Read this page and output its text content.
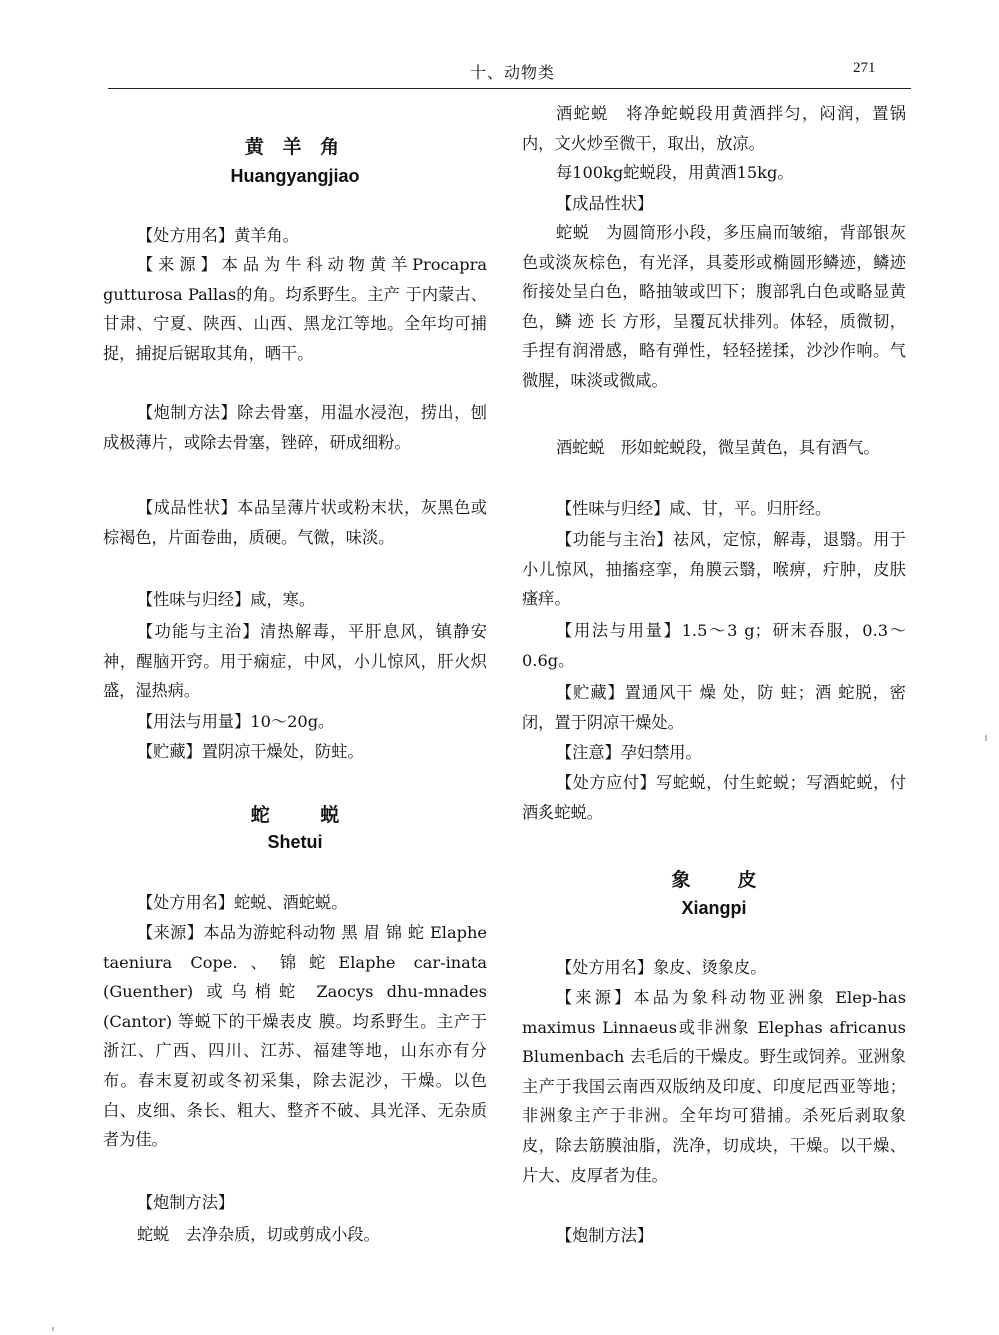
十、动物类	271
黄 羊 角
Huangyangjiao
【处方用名】黄羊角。
【来源】本品为牛科动物黄羊Procapra gutturosa Pallas的角。均系野生。主产 于内蒙古、甘肃、宁夏、陕西、山西、黑龙江等地。全年均可捕捉，捕捉后锯取其角，晒干。
【炮制方法】除去骨塞，用温水浸泡，捞出，刨成极薄片，或除去骨塞，锉碎，研成细粉。
【成品性状】本品呈薄片状或粉末状，灰黑色或棕褐色，片面卷曲，质硬。气微，味淡。
【性味与归经】咸，寒。
【功能与主治】清热解毒，平肝息风，镇静安神，醒脑开窍。用于痫症，中风，小儿惊风，肝火炽盛，湿热病。
【用法与用量】10～20g。
【贮藏】置阴凉干燥处，防蛀。
蛇 蜕
Shetui
【处方用名】蛇蜕、酒蛇蜕。
【来源】本品为游蛇科动物 黑 眉 锦 蛇 Elaphe taeniura Cope.、锦蛇Elaphe car-inata (Guenther) 或乌梢蛇 Zaocys dhu-mnades (Cantor) 等蜕下的干燥表皮 膜。均系野生。主产于浙江、广西、四川、江苏、福建等地，山东亦有分布。春末夏初或冬初采集，除去泥沙，干燥。以色白、皮细、条长、粗大、整齐不破、具光泽、无杂质者为佳。
【炮制方法】
蛇蜕　去净杂质，切或剪成小段。
酒蛇蜕　将净蛇蜕段用黄酒拌匀，闷润，置锅内，文火炒至微干，取出，放凉。
每100kg蛇蜕段，用黄酒15kg。
【成品性状】
蛇蜕　为圆筒形小段，多压扁而皱缩，背部银灰色或淡灰棕色，有光泽，具菱形或椭圆形鳞迹，鳞迹衔接处呈白色，略抽皱或凹下；腹部乳白色或略显黄 色，鳞 迹 长 方形，呈覆瓦状排列。体轻，质微韧，手捏有润滑感，略有弹性，轻轻搓揉，沙沙作响。气微腥，味淡或微咸。
酒蛇蜕　形如蛇蜕段，微呈黄色，具有酒气。
【性味与归经】咸、甘，平。归肝经。
【功能与主治】祛风，定惊，解毒，退翳。用于小儿惊风，抽搐痉挛，角膜云翳，喉痹，疔肿，皮肤瘙痒。
【用法与用量】1.5～3 g；研末吞服，0.3～0.6g。
【贮藏】置通风干 燥 处，防 蛀；酒 蛇脱，密闭，置于阴凉干燥处。
【注意】孕妇禁用。
【处方应付】写蛇蜕，付生蛇蜕；写酒蛇蜕，付酒炙蛇蜕。
象　皮
Xiangpi
【处方用名】象皮、烫象皮。
【来源】本品为象科动物亚洲象 Elep-has maximus Linnaeus或非洲象 Elephas africanus Blumenbach 去毛后的干燥皮。野生或饲养。亚洲象主产于我国云南西双版纳及印度、印度尼西亚等地；非洲象主产于非洲。全年均可猎捕。杀死后剥取象皮，除去筋膜油脂，洗净，切成块，干燥。以干燥、片大、皮厚者为佳。
【炮制方法】
